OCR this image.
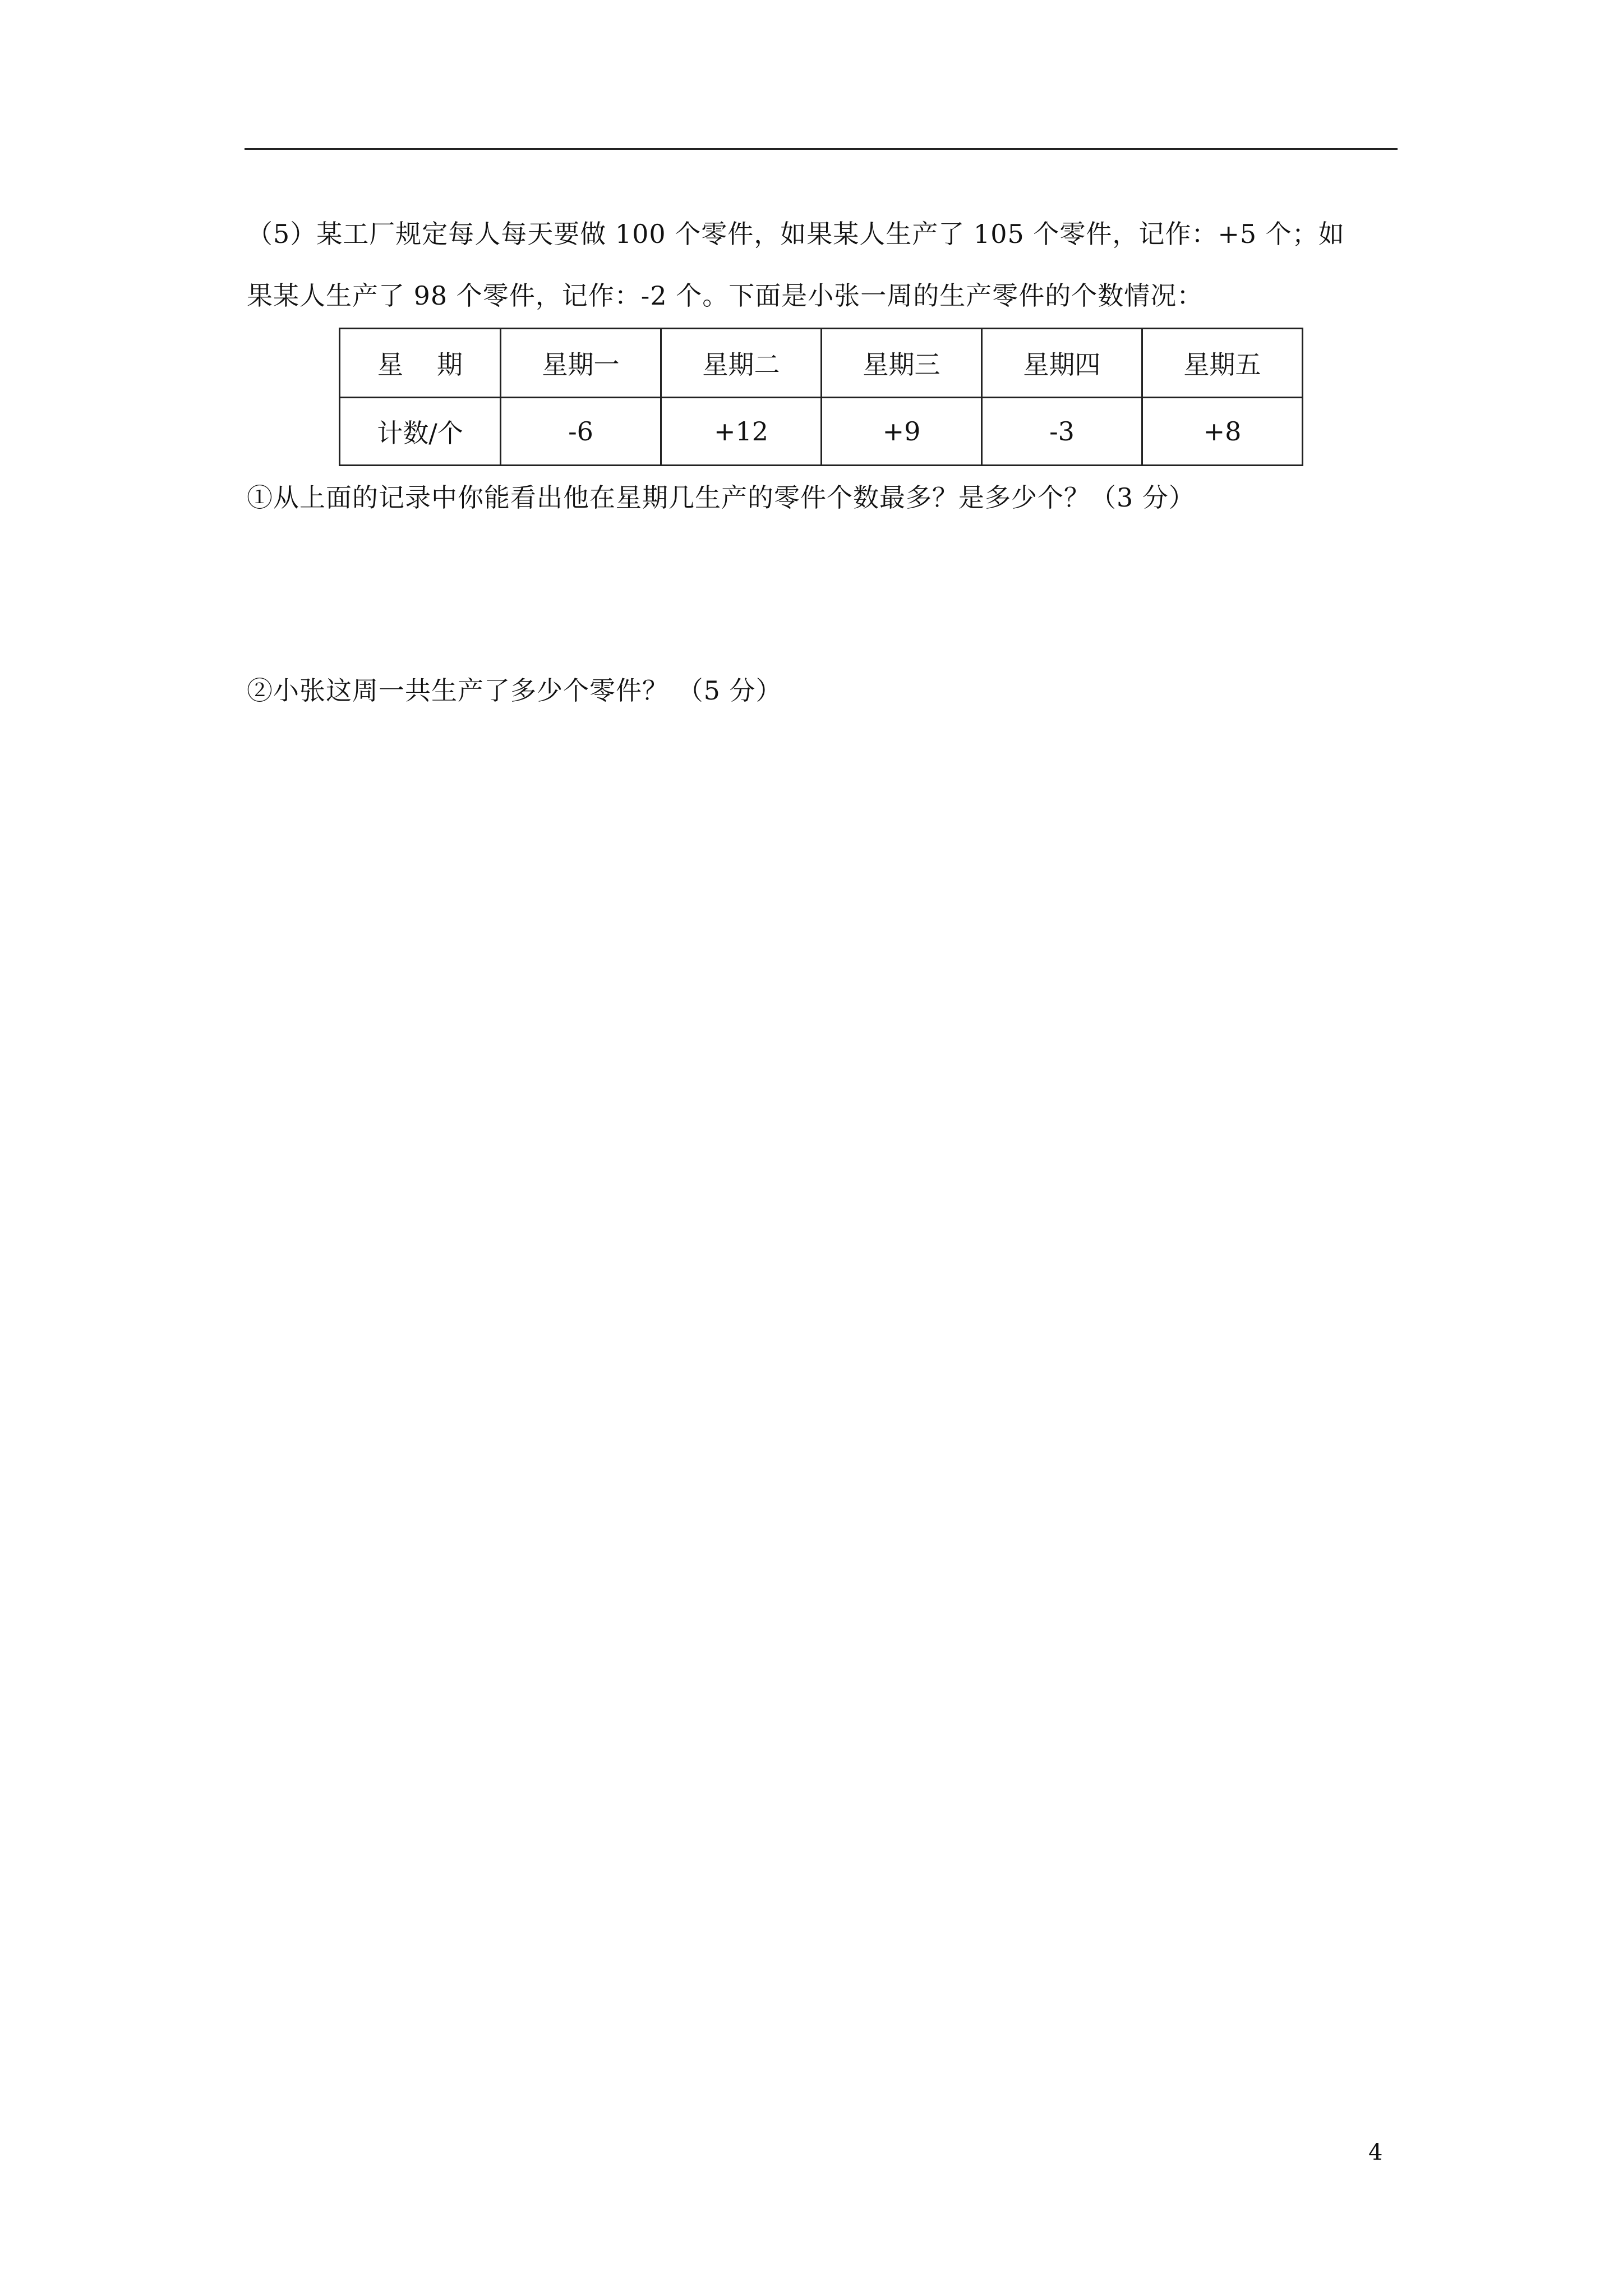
（5）某工厂规定每人每天要做 100 个零件，如果某人生产了 105 个零件，记作：+5 个；如
果某人生产了 98 个零件，记作：-2 个。下面是小张一周的生产零件的个数情况：
星期	星期一	星期二	星期三	星期四	星期五
计数/个	-6	+12	+9	-3	+8
①从上面的记录中你能看出他在星期几生产的零件个数最多？是多少个？（3 分）
②小张这周一共生产了多少个零件？ （5 分）
4
